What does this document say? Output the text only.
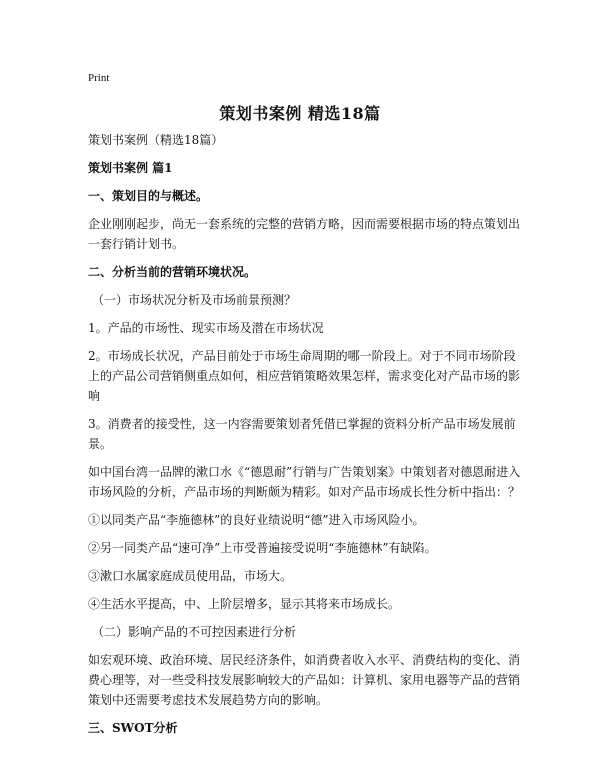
Print
策划书案例 精选18篇

策划书案例（精选18篇）

策划书案例 篇1

一、策划目的与概述。

企业刚刚起步，尚无一套系统的完整的营销方略，因而需要根据市场的特点策划出一套行销计划书。

二、分析当前的营销环境状况。

（一）市场状况分析及市场前景预测？

1。产品的市场性、现实市场及潜在市场状况

2。市场成长状况，产品目前处于市场生命周期的哪一阶段上。对于不同市场阶段上的产品公司营销侧重点如何，相应营销策略效果怎样，需求变化对产品市场的影响

3。消费者的接受性，这一内容需要策划者凭借已掌握的资料分析产品市场发展前景。

如中国台湾一品牌的漱口水《“德恩耐”行销与广告策划案》中策划者对德恩耐进入市场风险的分析，产品市场的判断颇为精彩。如对产品市场成长性分析中指出：？

①以同类产品“李施德林”的良好业绩说明“德”进入市场风险小。

②另一同类产品“速可净”上市受普遍接受说明“李施德林”有缺陷。

③漱口水属家庭成员使用品，市场大。

④生活水平提高，中、上阶层增多，显示其将来市场成长。

（二）影响产品的不可控因素进行分析

如宏观环境、政治环境、居民经济条件，如消费者收入水平、消费结构的变化、消费心理等，对一些受科技发展影响较大的产品如：计算机、家用电器等产品的营销策划中还需要考虑技术发展趋势方向的影响。

三、SWOT分析
